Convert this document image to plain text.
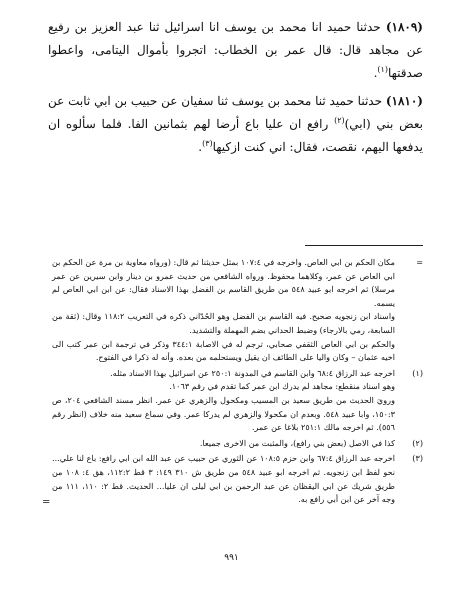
(١٨٠٩) حدثنا حميد انا محمد بن يوسف انا اسرائيل ثنا عبد العزيز بن رفيع عن مجاهد قال: قال عمر بن الخطاب: اتجروا بأموال اليتامى، واعطوا صدقتها$^{(١)}$.

(١٨١٠) حدثنا حميد ثنا محمد بن يوسف ثنا سفيان عن حبيب بن ابي ثابت عن بعض بني (ابي)$^{(٢)}$ رافع ان عليا باع أرضا لهم بثمانين الفا. فلما سألوه ان يدفعها اليهم، نقصت، فقال: اني كنت ازكيها$^{(٣)}$.

=
مكان الحكم بن ابي العاص. واخرجه في ١٠٧:٤ بمثل حديثنا ثم قال: (ورواه معاوية بن مرة عن الحكم بن ابي العاص عن عمر، وكلاهما محفوظ. ورواه الشافعي من حديث عمرو بن دينار وابن سيرين عن عمر مرسلا) ثم اخرجه ابو عبيد ٥٤٨ من طريق القاسم بن الفضل بهذا الاسناد فقال: عن ابن ابي العاص لم يسمه.
واسناد ابن زنجويه صحيح. فيه القاسم بن الفضل وهو الحُدّاني ذكره في التعريب ١١٨:٢ وقال: (ثقة من السابعة، رمي بالارجاء) وضبط الحداني بضم المهملة والتشديد.
والحكم بن ابي العاص الثقفي صحابي، ترجم له في الاصابة ٣٤٤:١ وذكر في ترجمة ابن عمر كتب الى اخيه عثمان – وكان واليا على الطائف ان يقيل ويستحلمه من بعده. وأنه له ذكرا في الفتوح.
(١)
اخرجه عبد الرزاق ٦٨:٤ وابن القاسم في المدونة ٢٥٠:١ عن اسرائيل بهذا الاسناد مثله.
وهو اسناد منقطع: مجاهد لم يدرك ابن عمر كما تقدم في رقم ١٠٦٣.
ورويَ الحديث من طريق سعيد بن المسيب ومكحول والزهري عن عمر. انظر مسند الشافعي ٢٠٤، ص ١٥٠:٣، وابا عبيد ٥٤٨. وبعدم ان مكحولا والزهري لم يدركا عمر. وفي سماع سعيد منه خلاف (انظر رقم ٥٥٦). ثم اخرجه مالك ٢٥١:١ بلاغا عن عمر.
(٢)
كذا في الاصل (بعض بني رافع)، والمثبت من الاخرى جميعا.
(٣)
اخرجه عبد الرزاق ٦٧:٤ وابن حزم ١٠٨:٥ عن الثوري عن حبيب عن عبد الله ابن ابي رافع: باع لنا علي... نحو لفظ ابن زنجويه. ثم اخرجه ابو عبيد ٥٤٨ من طريق ش ٣١٠ ١٤٩: ٣ قط ١١٢:٢، هق ٤: ١٠٨ من طريق شريك عن ابي اليقظان عن عبد الرحمن بن ابي ليلى ان عليا... الحديث. قط ٢: ١١٠، ١١١ من وجه آخر عن ابن أبي رافع به.
=
٩٩١
